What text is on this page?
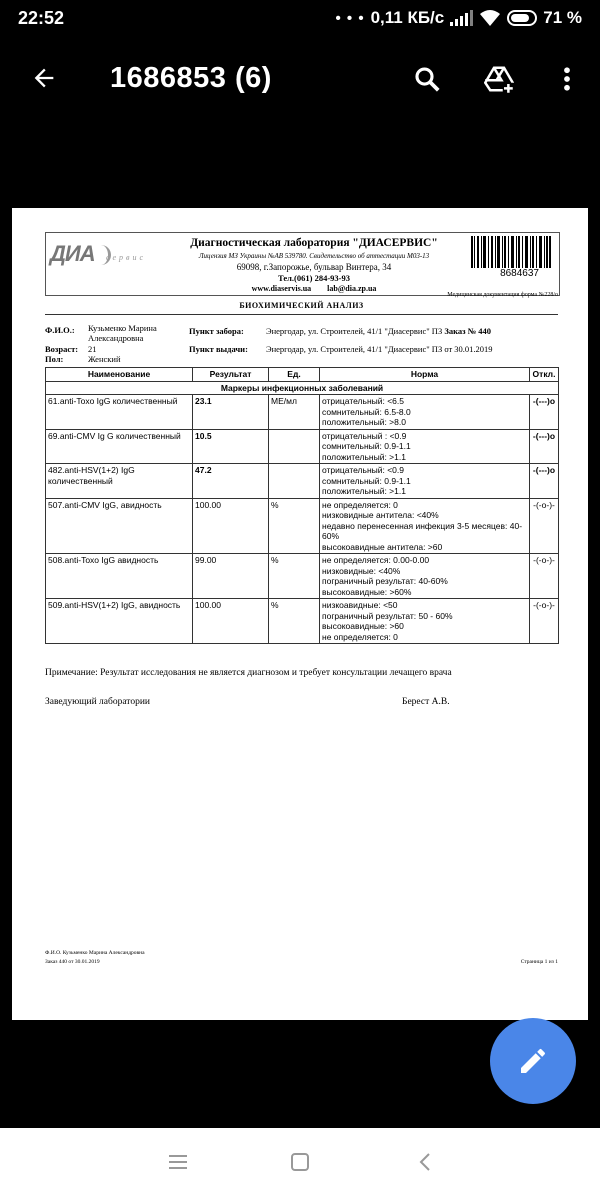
22:52	• • • 0,11 КБ/с	71 %
1686853 (6)
ДИА сервис
Диагностическая лаборатория "ДИАСЕРВИС"
Лицензия МЗ Украины №АВ 539780. Свидетельство об аттестации М03-13
69098, г.Запорожье, бульвар Винтера, 34
Тел.(061) 284-93-93
www.diaservis.ua lab@dia.zp.ua
8684637
Медицинская документация форма №228/о
БИОХИМИЧЕСКИЙ АНАЛИЗ
Ф.И.О.: Кузьменко Марина
Александровна
Возраст: 21
Пол:	Женский
Пункт забора:	Энергодар, ул. Строителей, 41/1 "Диасервис" ПЗ Заказ № 440
Пункт выдачи: Энергодар, ул. Строителей, 41/1 "Диасервис" ПЗ от 30.01.2019
Наименование	Результат	Ед.	Норма	Откл.
Маркеры инфекционных заболеваний				
61.anti-Toxo IgG количественный	23.1	МЕ/мл	отрицательный: <6.5
сомнительный: 6.5-8.0
положительный: >8.0	-(---)о
69.anti-CMV Ig G количественный	10.5		отрицательный : <0.9
сомнительный: 0.9-1.1
положительный: >1.1	-(---)о
482.anti-HSV(1+2) IgG количественный	47.2		отрицательный: <0.9
сомнительный: 0.9-1.1
положительный: >1.1	-(---)о
507.anti-CMV IgG, авидность	100.00	%	не определяется: 0
низковидные антитела: <40%
недавно перенесенная инфекция 3-5 месяцев: 40-60%
высокоавидные антитела: >60	-(-о-)-
508.anti-Toxo IgG авидность	99.00	%	не определяется: 0.00-0.00
низковидные: <40%
пограничный результат: 40-60%
высокоавидные: >60%	-(-о-)-
509.anti-HSV(1+2) IgG, авидность	100.00	%	низкоавидные: <50
пограничный результат: 50 - 60%
высокоавидные: >60
не определяется: 0	-(-о-)-
Примечание: Результат исследования не является диагнозом и требует консультации лечащего врача
Заведующий лаборатории	Берест А.В.
Ф.И.О. Кузьменко Марина Александровна
Заказ 440 от 30.01.2019	Страница 1 из 1
